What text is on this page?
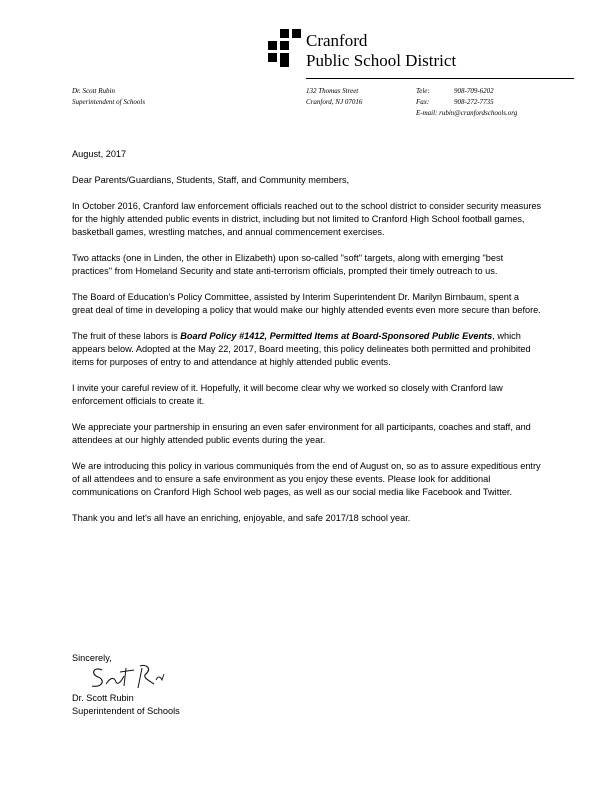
Cranford
Public School District
Dr. Scott Rubin
Superintendent of Schools
132 Thomas Street
Cranford, NJ 07016
Tele:	908-709-6202
Fax:	908-272-7735
E-mail: rubin@cranfordschools.org

August, 2017

Dear Parents/Guardians, Students, Staff, and Community members,

In October 2016, Cranford law enforcement officials reached out to the school district to consider security measures for the highly attended public events in district, including but not limited to Cranford High School football games, basketball games, wrestling matches, and annual commencement exercises.

Two attacks (one in Linden, the other in Elizabeth) upon so-called "soft" targets, along with emerging "best practices" from Homeland Security and state anti-terrorism officials, prompted their timely outreach to us.

The Board of Education's Policy Committee, assisted by Interim Superintendent Dr. Marilyn Birnbaum, spent a great deal of time in developing a policy that would make our highly attended events even more secure than before.

The fruit of these labors is Board Policy #1412, Permitted Items at Board-Sponsored Public Events, which appears below. Adopted at the May 22, 2017, Board meeting, this policy delineates both permitted and prohibited items for purposes of entry to and attendance at highly attended public events.

I invite your careful review of it. Hopefully, it will become clear why we worked so closely with Cranford law enforcement officials to create it.

We appreciate your partnership in ensuring an even safer environment for all participants, coaches and staff, and attendees at our highly attended public events during the year.

We are introducing this policy in various communiqués from the end of August on, so as to assure expeditious entry of all attendees and to ensure a safe environment as you enjoy these events. Please look for additional communications on Cranford High School web pages, as well as our social media like Facebook and Twitter.

Thank you and let's all have an enriching, enjoyable, and safe 2017/18 school year.

Sincerely,
Dr. Scott Rubin
Superintendent of Schools
